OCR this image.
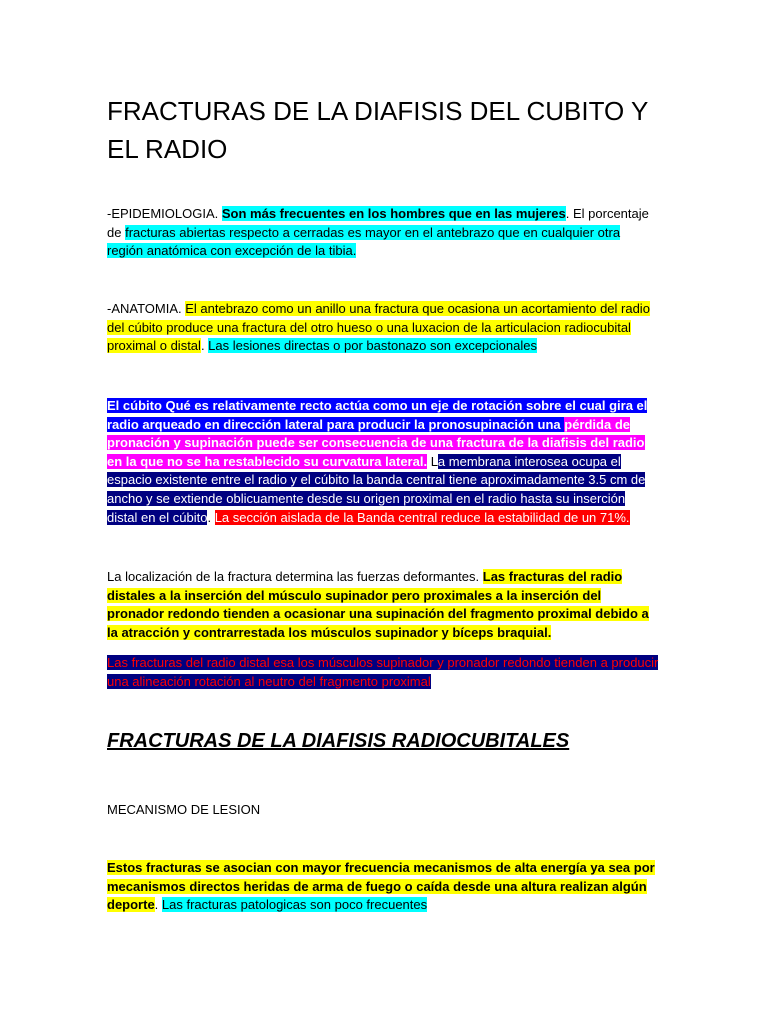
FRACTURAS DE LA DIAFISIS DEL CUBITO Y EL RADIO

-EPIDEMIOLOGIA. Son más frecuentes en los hombres que en las mujeres. El porcentaje de fracturas abiertas respecto a cerradas es mayor en el antebrazo que en cualquier otra región anatómica con excepción de la tibia.

-ANATOMIA. El antebrazo como un anillo una fractura que ocasiona un acortamiento del radio del cúbito produce una fractura del otro hueso o una luxacion de la articulacion radiocubital proximal o distal. Las lesiones directas o por bastonazo son excepcionales

El cúbito Qué es relativamente recto actúa como un eje de rotación sobre el cual gira el radio arqueado en dirección lateral para producir la pronosupinación una pérdida de pronación y supinación puede ser consecuencia de una fractura de la diafisis del radio en la que no se ha restablecido su curvatura lateral. La membrana interosea ocupa el espacio existente entre el radio y el cúbito la banda central tiene aproximadamente 3.5 cm de ancho y se extiende oblicuamente desde su origen proximal en el radio hasta su inserción distal en el cúbito. La sección aislada de la Banda central reduce la estabilidad de un 71%.

La localización de la fractura determina las fuerzas deformantes. Las fracturas del radio distales a la inserción del músculo supinador pero proximales a la inserción del pronador redondo tienden a ocasionar una supinación del fragmento proximal debido a la atracción y contrarrestada los músculos supinador y bíceps braquial.

Las fracturas del radio distal esa los músculos supinador y pronador redondo tienden a producir una alineación rotación al neutro del fragmento proximal

FRACTURAS DE LA DIAFISIS RADIOCUBITALES

MECANISMO DE LESION

Estos fracturas se asocian con mayor frecuencia mecanismos de alta energía ya sea por mecanismos directos heridas de arma de fuego o caída desde una altura realizan algún deporte. Las fracturas patologicas son poco frecuentes
